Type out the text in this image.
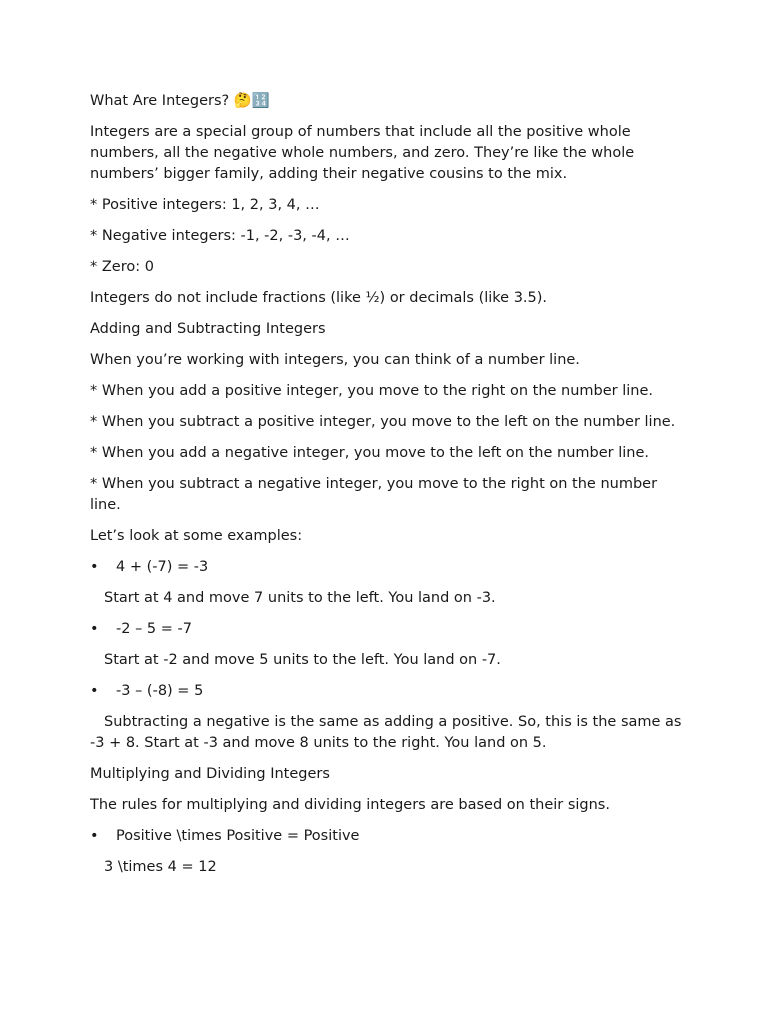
What Are Integers? 🤔🔢

Integers are a special group of numbers that include all the positive whole numbers, all the negative whole numbers, and zero. They’re like the whole numbers’ bigger family, adding their negative cousins to the mix.

* Positive integers: 1, 2, 3, 4, …

* Negative integers: -1, -2, -3, -4, …

* Zero: 0

Integers do not include fractions (like ½) or decimals (like 3.5).

Adding and Subtracting Integers

When you’re working with integers, you can think of a number line.

* When you add a positive integer, you move to the right on the number line.

* When you subtract a positive integer, you move to the left on the number line.

* When you add a negative integer, you move to the left on the number line.

* When you subtract a negative integer, you move to the right on the number line.

Let’s look at some examples:

• 4 + (-7) = -3

Start at 4 and move 7 units to the left. You land on -3.

• -2 – 5 = -7

Start at -2 and move 5 units to the left. You land on -7.

• -3 – (-8) = 5

Subtracting a negative is the same as adding a positive. So, this is the same as -3 + 8. Start at -3 and move 8 units to the right. You land on 5.

Multiplying and Dividing Integers

The rules for multiplying and dividing integers are based on their signs.

• Positive \times Positive = Positive

3 \times 4 = 12
